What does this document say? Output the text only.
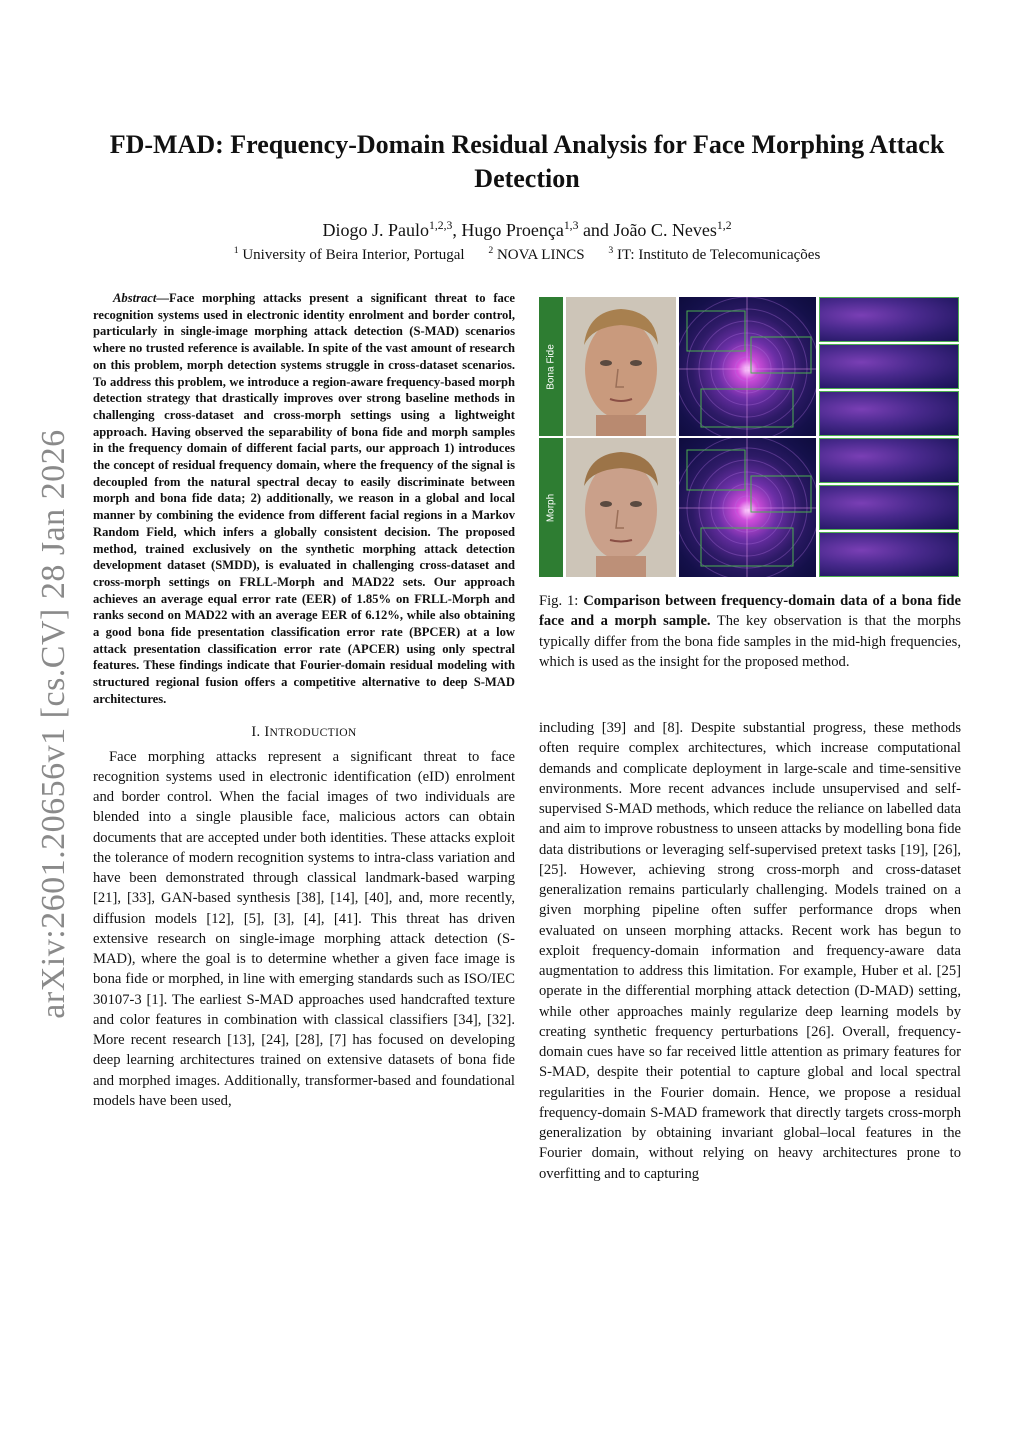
arXiv:2601.20656v1 [cs.CV] 28 Jan 2026
FD-MAD: Frequency-Domain Residual Analysis for Face Morphing Attack Detection
Diogo J. Paulo$^{1,2,3}$, Hugo Proença$^{1,3}$ and João C. Neves$^{1,2}$
$^1$ University of Beira Interior, Portugal $^2$ NOVA LINCS $^3$ IT: Instituto de Telecomunicações

Abstract—Face morphing attacks present a significant threat to face recognition systems used in electronic identity enrolment and border control, particularly in single-image morphing attack detection (S-MAD) scenarios where no trusted reference is available. In spite of the vast amount of research on this problem, morph detection systems struggle in cross-dataset scenarios. To address this problem, we introduce a region-aware frequency-based morph detection strategy that drastically improves over strong baseline methods in challenging cross-dataset and cross-morph settings using a lightweight approach. Having observed the separability of bona fide and morph samples in the frequency domain of different facial parts, our approach 1) introduces the concept of residual frequency domain, where the frequency of the signal is decoupled from the natural spectral decay to easily discriminate between morph and bona fide data; 2) additionally, we reason in a global and local manner by combining the evidence from different facial regions in a Markov Random Field, which infers a globally consistent decision. The proposed method, trained exclusively on the synthetic morphing attack detection development dataset (SMDD), is evaluated in challenging cross-dataset and cross-morph settings on FRLL-Morph and MAD22 sets. Our approach achieves an average equal error rate (EER) of 1.85% on FRLL-Morph and ranks second on MAD22 with an average EER of 6.12%, while also obtaining a good bona fide presentation classification error rate (BPCER) at a low attack presentation classification error rate (APCER) using only spectral features. These findings indicate that Fourier-domain residual modeling with structured regional fusion offers a competitive alternative to deep S-MAD architectures.

I. INTRODUCTION

Face morphing attacks represent a significant threat to face recognition systems used in electronic identification (eID) enrolment and border control. When the facial images of two individuals are blended into a single plausible face, malicious actors can obtain documents that are accepted under both identities. These attacks exploit the tolerance of modern recognition systems to intra-class variation and have been demonstrated through classical landmark-based warping [21], [33], GAN-based synthesis [38], [14], [40], and, more recently, diffusion models [12], [5], [3], [4], [41]. This threat has driven extensive research on single-image morphing attack detection (S-MAD), where the goal is to determine whether a given face image is bona fide or morphed, in line with emerging standards such as ISO/IEC 30107-3 [1]. The earliest S-MAD approaches used handcrafted texture and color features in combination with classical classifiers [34], [32]. More recent research [13], [24], [28], [7] has focused on developing deep learning architectures trained on extensive datasets of bona fide and morphed images. Additionally, transformer-based and foundational models have been used,

Bona Fide
Morph

Fig. 1: Comparison between frequency-domain data of a bona fide face and a morph sample. The key observation is that the morphs typically differ from the bona fide samples in the mid-high frequencies, which is used as the insight for the proposed method.

including [39] and [8]. Despite substantial progress, these methods often require complex architectures, which increase computational demands and complicate deployment in large-scale and time-sensitive environments. More recent advances include unsupervised and self-supervised S-MAD methods, which reduce the reliance on labelled data and aim to improve robustness to unseen attacks by modelling bona fide data distributions or leveraging self-supervised pretext tasks [19], [26], [25]. However, achieving strong cross-morph and cross-dataset generalization remains particularly challenging. Models trained on a given morphing pipeline often suffer performance drops when evaluated on unseen morphing attacks. Recent work has begun to exploit frequency-domain information and frequency-aware data augmentation to address this limitation. For example, Huber et al. [25] operate in the differential morphing attack detection (D-MAD) setting, while other approaches mainly regularize deep learning models by creating synthetic frequency perturbations [26]. Overall, frequency-domain cues have so far received little attention as primary features for S-MAD, despite their potential to capture global and local spectral regularities in the Fourier domain. Hence, we propose a residual frequency-domain S-MAD framework that directly targets cross-morph generalization by obtaining invariant global–local features in the Fourier domain, without relying on heavy architectures prone to overfitting and to capturing
